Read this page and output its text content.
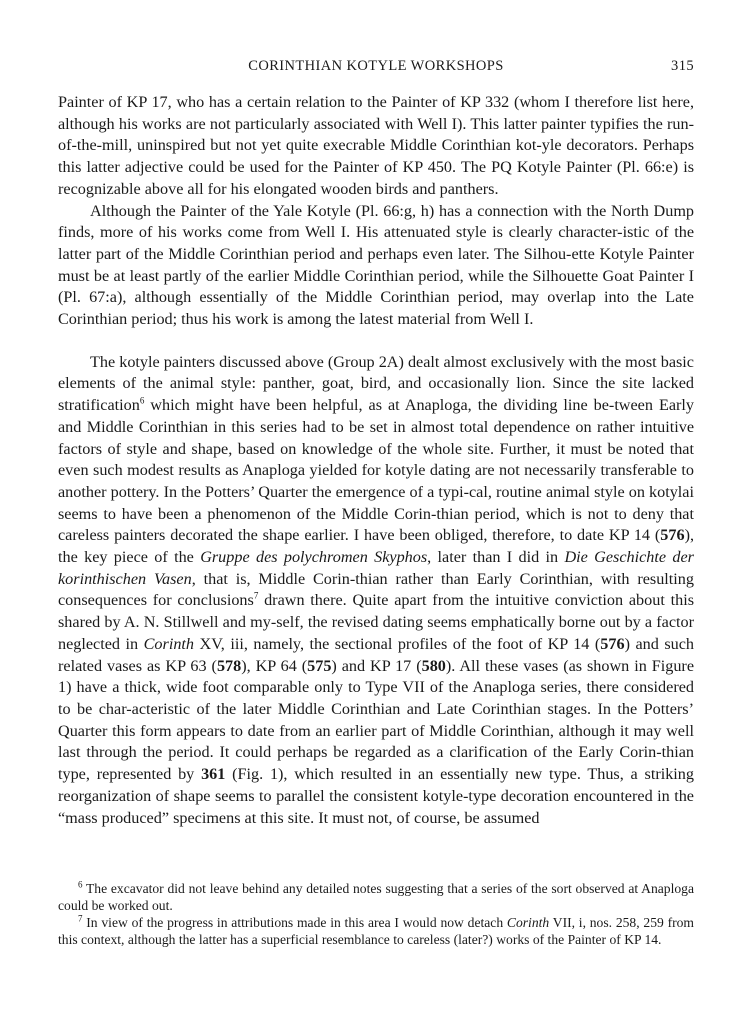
CORINTHIAN KOTYLE WORKSHOPS	315

Painter of KP 17, who has a certain relation to the Painter of KP 332 (whom I therefore list here, although his works are not particularly associated with Well I). This latter painter typifies the run-of-the-mill, uninspired but not yet quite execrable Middle Corinthian kot-yle decorators. Perhaps this latter adjective could be used for the Painter of KP 450. The PQ Kotyle Painter (Pl. 66:e) is recognizable above all for his elongated wooden birds and panthers.

Although the Painter of the Yale Kotyle (Pl. 66:g, h) has a connection with the North Dump finds, more of his works come from Well I. His attenuated style is clearly character-istic of the latter part of the Middle Corinthian period and perhaps even later. The Silhou-ette Kotyle Painter must be at least partly of the earlier Middle Corinthian period, while the Silhouette Goat Painter I (Pl. 67:a), although essentially of the Middle Corinthian period, may overlap into the Late Corinthian period; thus his work is among the latest material from Well I.

The kotyle painters discussed above (Group 2A) dealt almost exclusively with the most basic elements of the animal style: panther, goat, bird, and occasionally lion. Since the site lacked stratification$^6$ which might have been helpful, as at Anaploga, the dividing line be-tween Early and Middle Corinthian in this series had to be set in almost total dependence on rather intuitive factors of style and shape, based on knowledge of the whole site. Further, it must be noted that even such modest results as Anaploga yielded for kotyle dating are not necessarily transferable to another pottery. In the Potters’ Quarter the emergence of a typi-cal, routine animal style on kotylai seems to have been a phenomenon of the Middle Corin-thian period, which is not to deny that careless painters decorated the shape earlier. I have been obliged, therefore, to date KP 14 (576), the key piece of the Gruppe des polychromen Skyphos, later than I did in Die Geschichte der korinthischen Vasen, that is, Middle Corin-thian rather than Early Corinthian, with resulting consequences for conclusions$^7$ drawn there. Quite apart from the intuitive conviction about this shared by A. N. Stillwell and my-self, the revised dating seems emphatically borne out by a factor neglected in Corinth XV, iii, namely, the sectional profiles of the foot of KP 14 (576) and such related vases as KP 63 (578), KP 64 (575) and KP 17 (580). All these vases (as shown in Figure 1) have a thick, wide foot comparable only to Type VII of the Anaploga series, there considered to be char-acteristic of the later Middle Corinthian and Late Corinthian stages. In the Potters’ Quarter this form appears to date from an earlier part of Middle Corinthian, although it may well last through the period. It could perhaps be regarded as a clarification of the Early Corin-thian type, represented by 361 (Fig. 1), which resulted in an essentially new type. Thus, a striking reorganization of shape seems to parallel the consistent kotyle-type decoration encountered in the “mass produced” specimens at this site. It must not, of course, be assumed

$^6$ The excavator did not leave behind any detailed notes suggesting that a series of the sort observed at Anaploga could be worked out.

$^7$ In view of the progress in attributions made in this area I would now detach Corinth VII, i, nos. 258, 259 from this context, although the latter has a superficial resemblance to careless (later?) works of the Painter of KP 14.
